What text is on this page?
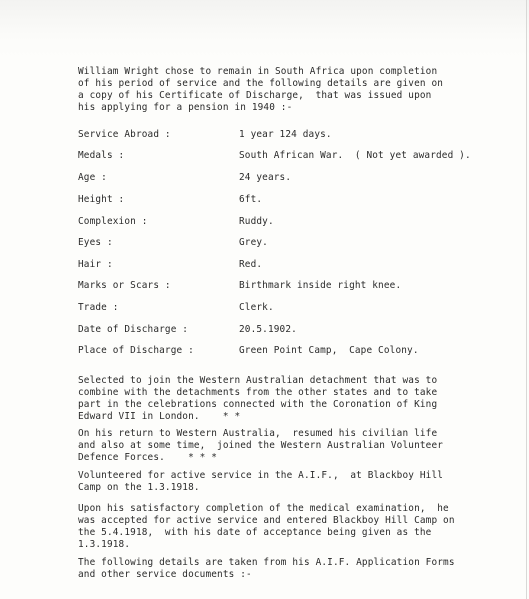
William Wright chose to remain in South Africa upon completion
of his period of service and the following details are given on
a copy of his Certificate of Discharge,  that was issued upon
his applying for a pension in 1940 :-

Service Abroad :

	1 year 124 days.

Medals :

	South African War.  ( Not yet awarded ).

Age :

	24 years.

Height :

	6ft.

Complexion :

	Ruddy.

Eyes :

	Grey.

Hair :

	Red.

Marks or Scars :

	Birthmark inside right knee.

Trade :

	Clerk.

Date of Discharge :

	20.5.1902.

Place of Discharge :

	Green Point Camp,  Cape Colony.

Selected to join the Western Australian detachment that was to
combine with the detachments from the other states and to take
part in the celebrations connected with the Coronation of King
Edward VII in London.    * *
On his return to Western Australia,  resumed his civilian life
and also at some time,  joined the Western Australian Volunteer
Defence Forces.    * * *
Volunteered for active service in the A.I.F.,  at Blackboy Hill
Camp on the 1.3.1918.
Upon his satisfactory completion of the medical examination,  he
was accepted for active service and entered Blackboy Hill Camp on
the 5.4.1918,  with his date of acceptance being given as the
1.3.1918.
The following details are taken from his A.I.F. Application Forms
and other service documents :-
